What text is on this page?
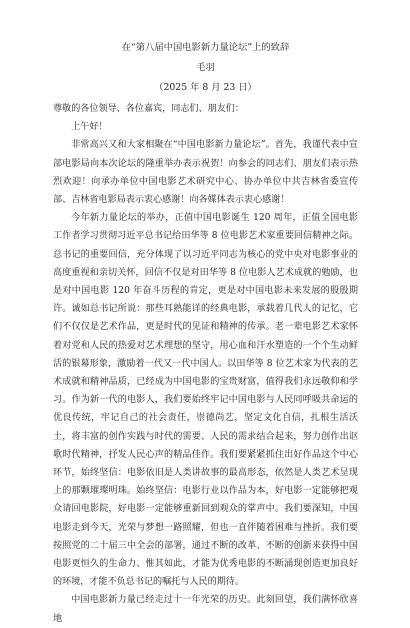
在“第八届中国电影新力量论坛”上的致辞
毛羽
（2025 年 8 月 23 日）

尊敬的各位领导、各位嘉宾，同志们、朋友们：

上午好！

非常高兴又和大家相聚在“中国电影新力量论坛”。首先，我谨代表中宣部电影局向本次论坛的隆重举办表示祝贺！向参会的同志们、朋友们表示热烈欢迎！向承办单位中国电影艺术研究中心、协办单位中共吉林省委宣传部、吉林省电影局表示衷心感谢！向各媒体表示衷心感谢！

今年新力量论坛的举办，正值中国电影诞生 120 周年，正值全国电影工作者学习贯彻习近平总书记给田华等 8 位电影艺术家重要回信精神之际。总书记的重要回信，充分体现了以习近平同志为核心的党中央对电影事业的高度重视和亲切关怀，回信不仅是对田华等 8 位电影人艺术成就的勉励，也是对中国电影 120 年奋斗历程的肯定，更是对中国电影未来发展的殷殷期许。诚如总书记所说：那些耳熟能详的经典电影，承载着几代人的记忆，它们不仅仅是艺术作品，更是时代的见证和精神的传承。老一辈电影艺术家怀着对党和人民的热爱对艺术理想的坚守，用心血和汗水塑造的一个个生动鲜活的银幕形象，激励着一代又一代中国人。以田华等 8 位艺术家为代表的艺术成就和精神品质，已经成为中国电影的宝贵财富，值得我们永远敬仰和学习。作为新一代的电影人，我们要始终牢记中国电影与人民同呼吸共命运的优良传统，牢记自己的社会责任，崇德尚艺，坚定文化自信，扎根生活沃土，将丰富的创作实践与时代的需要、人民的需求结合起来，努力创作出讴歌时代精神，抒发人民心声的精品佳作。我们要紧紧抓住出好作品这个中心环节，始终坚信：电影依旧是人类讲故事的最高形态，依然是人类艺术呈现上的那颗璀璨明珠。始终坚信：电影行业以作品为本，好电影一定能够把观众请回电影院，好电影一定能够重新回到观众的掌声中。我们要深知，中国电影走到今天，光荣与梦想一路照耀，但也一直伴随着困难与挫折。我们要按照党的二十届三中全会的部署，通过不断的改革、不断的创新来获得中国电影更恒久的生命力、惟其如此，才能为优秀电影的不断涌现创造更加良好的环境，才能不负总书记的嘱托与人民的期待。

中国电影新力量已经走过十一年光荣的历史。此刻回望，我们满怀欣喜地
